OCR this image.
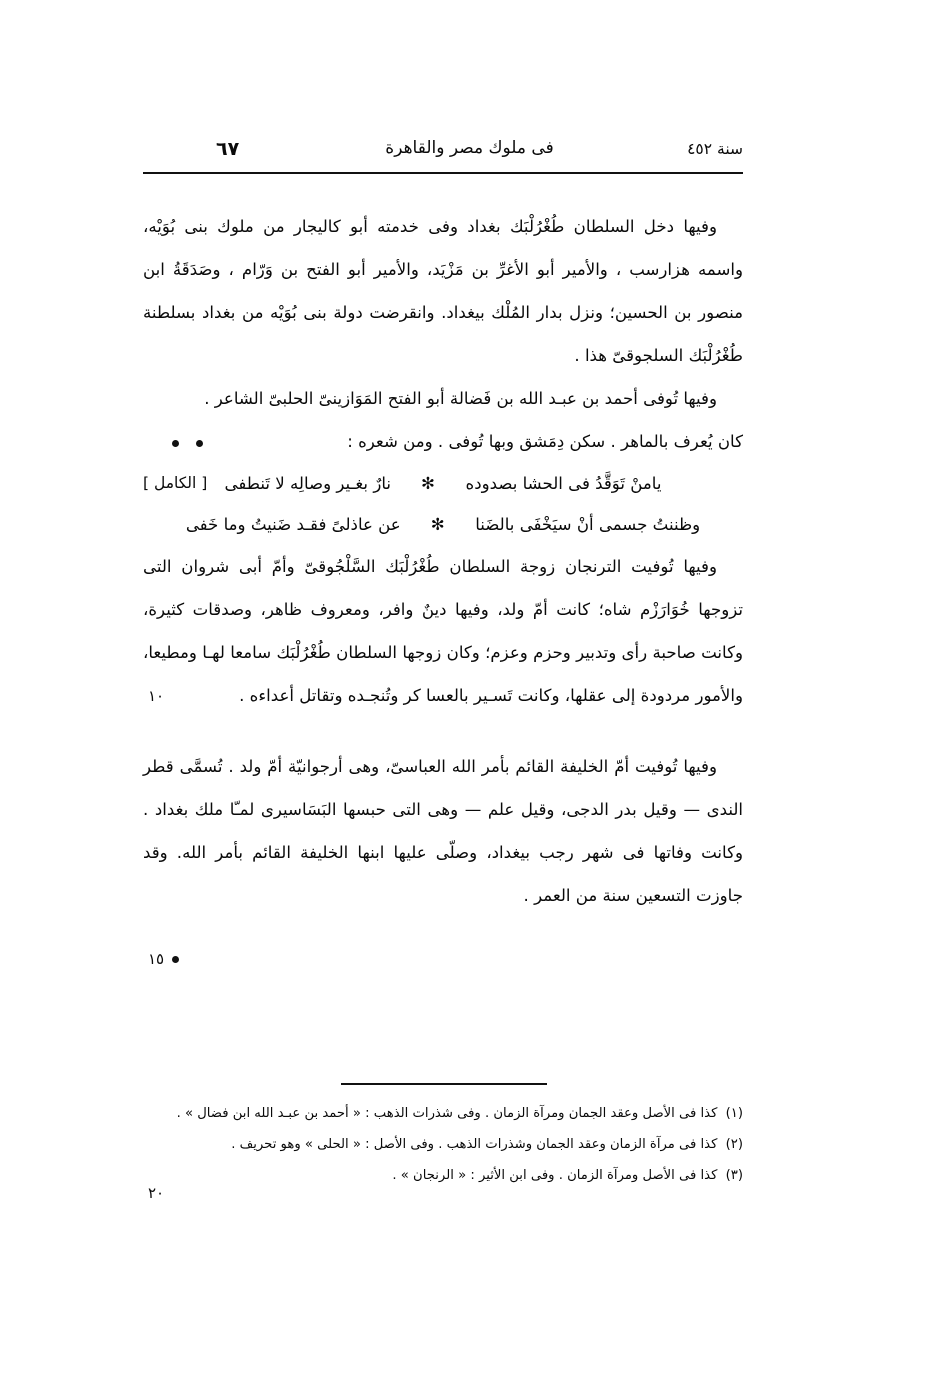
٦٧	فى ملوك مصر والقاهرة	سنة ٤٥٢
١٠
١٥
٢٠

وفيها دخل السلطان طُغْرُلْبَك بغداد وفى خدمته أبو كاليجار من ملوك بنى بُوَيْه، واسمه هزارسب ، والأمير أبو الأغرِّ بن مَزْيَد، والأمير أبو الفتح بن وَرّام ، وصَدَقَةُ ابن منصور بن الحسين؛ ونزل بدار المُلْك بيغداد. وانقرضت دولة بنى بُوَيْه من بغداد بسلطنة طُغْرُلْبَك السلجوقىّ هذا .

وفيها تُوفى أحمد بن عبـد الله بن فَضالة أبو الفتح المَوَازينىّ الحلبىّ الشاعر .

كان يُعرف بالماهر . سكن دِمَشق وبها تُوفى . ومن شعره :

[ الكامل ]	يامنْ تَوَقَّدُ فى الحشا بصدوده
✻
نارٌ بغـير وصالِه لا تَنطفى
وظننتُ جسمى أنْ سيَخْفَى بالضَنا
✻
عن عاذلىً فقـد ضَنيتُ وما خَفى

وفيها تُوفيت الترنجان زوجة السلطان طُغْرُلْبَك السَّلْجُوقىّ وأمّ أبى شروان التى تزوجها خُوَارَزْم شاه؛ كانت أمّ ولد، وفيها دينٌ وافر، ومعروف ظاهر، وصدقات كثيرة، وكانت صاحبة رأى وتدبير وحزم وعزم؛ وكان زوجها السلطان طُغْرُلْبَك سامعا لهـا ومطيعا، والأمور مردودة إلى عقلها، وكانت تَسـير بالعسا كر وتُنجـده وتقاتل أعداءه .

وفيها تُوفيت أمّ الخليفة القائم بأمر الله العباسىّ، وهى أرجوانيّة أمّ ولد . تُسمَّى قطر الندى — وقيل بدر الدجى، وقيل علم — وهى التى حبسها البَسَاسيرى لمـّا ملك بغداد . وكانت وفاتها فى شهر رجب بيغداد، وصلّى عليها ابنها الخليفة القائم بأمر الله. وقد جاوزت التسعين سنة من العمر .

(١) كذا فى الأصل وعقد الجمان ومرآة الزمان . وفى شذرات الذهب : « أحمد بن عبـد الله ابن فضال » .

(٢) كذا فى مرآة الزمان وعقد الجمان وشذرات الذهب . وفى الأصل : « الحلى » وهو تحريف .

(٣) كذا فى الأصل ومرآة الزمان . وفى ابن الأثير : « الرنجان » .
